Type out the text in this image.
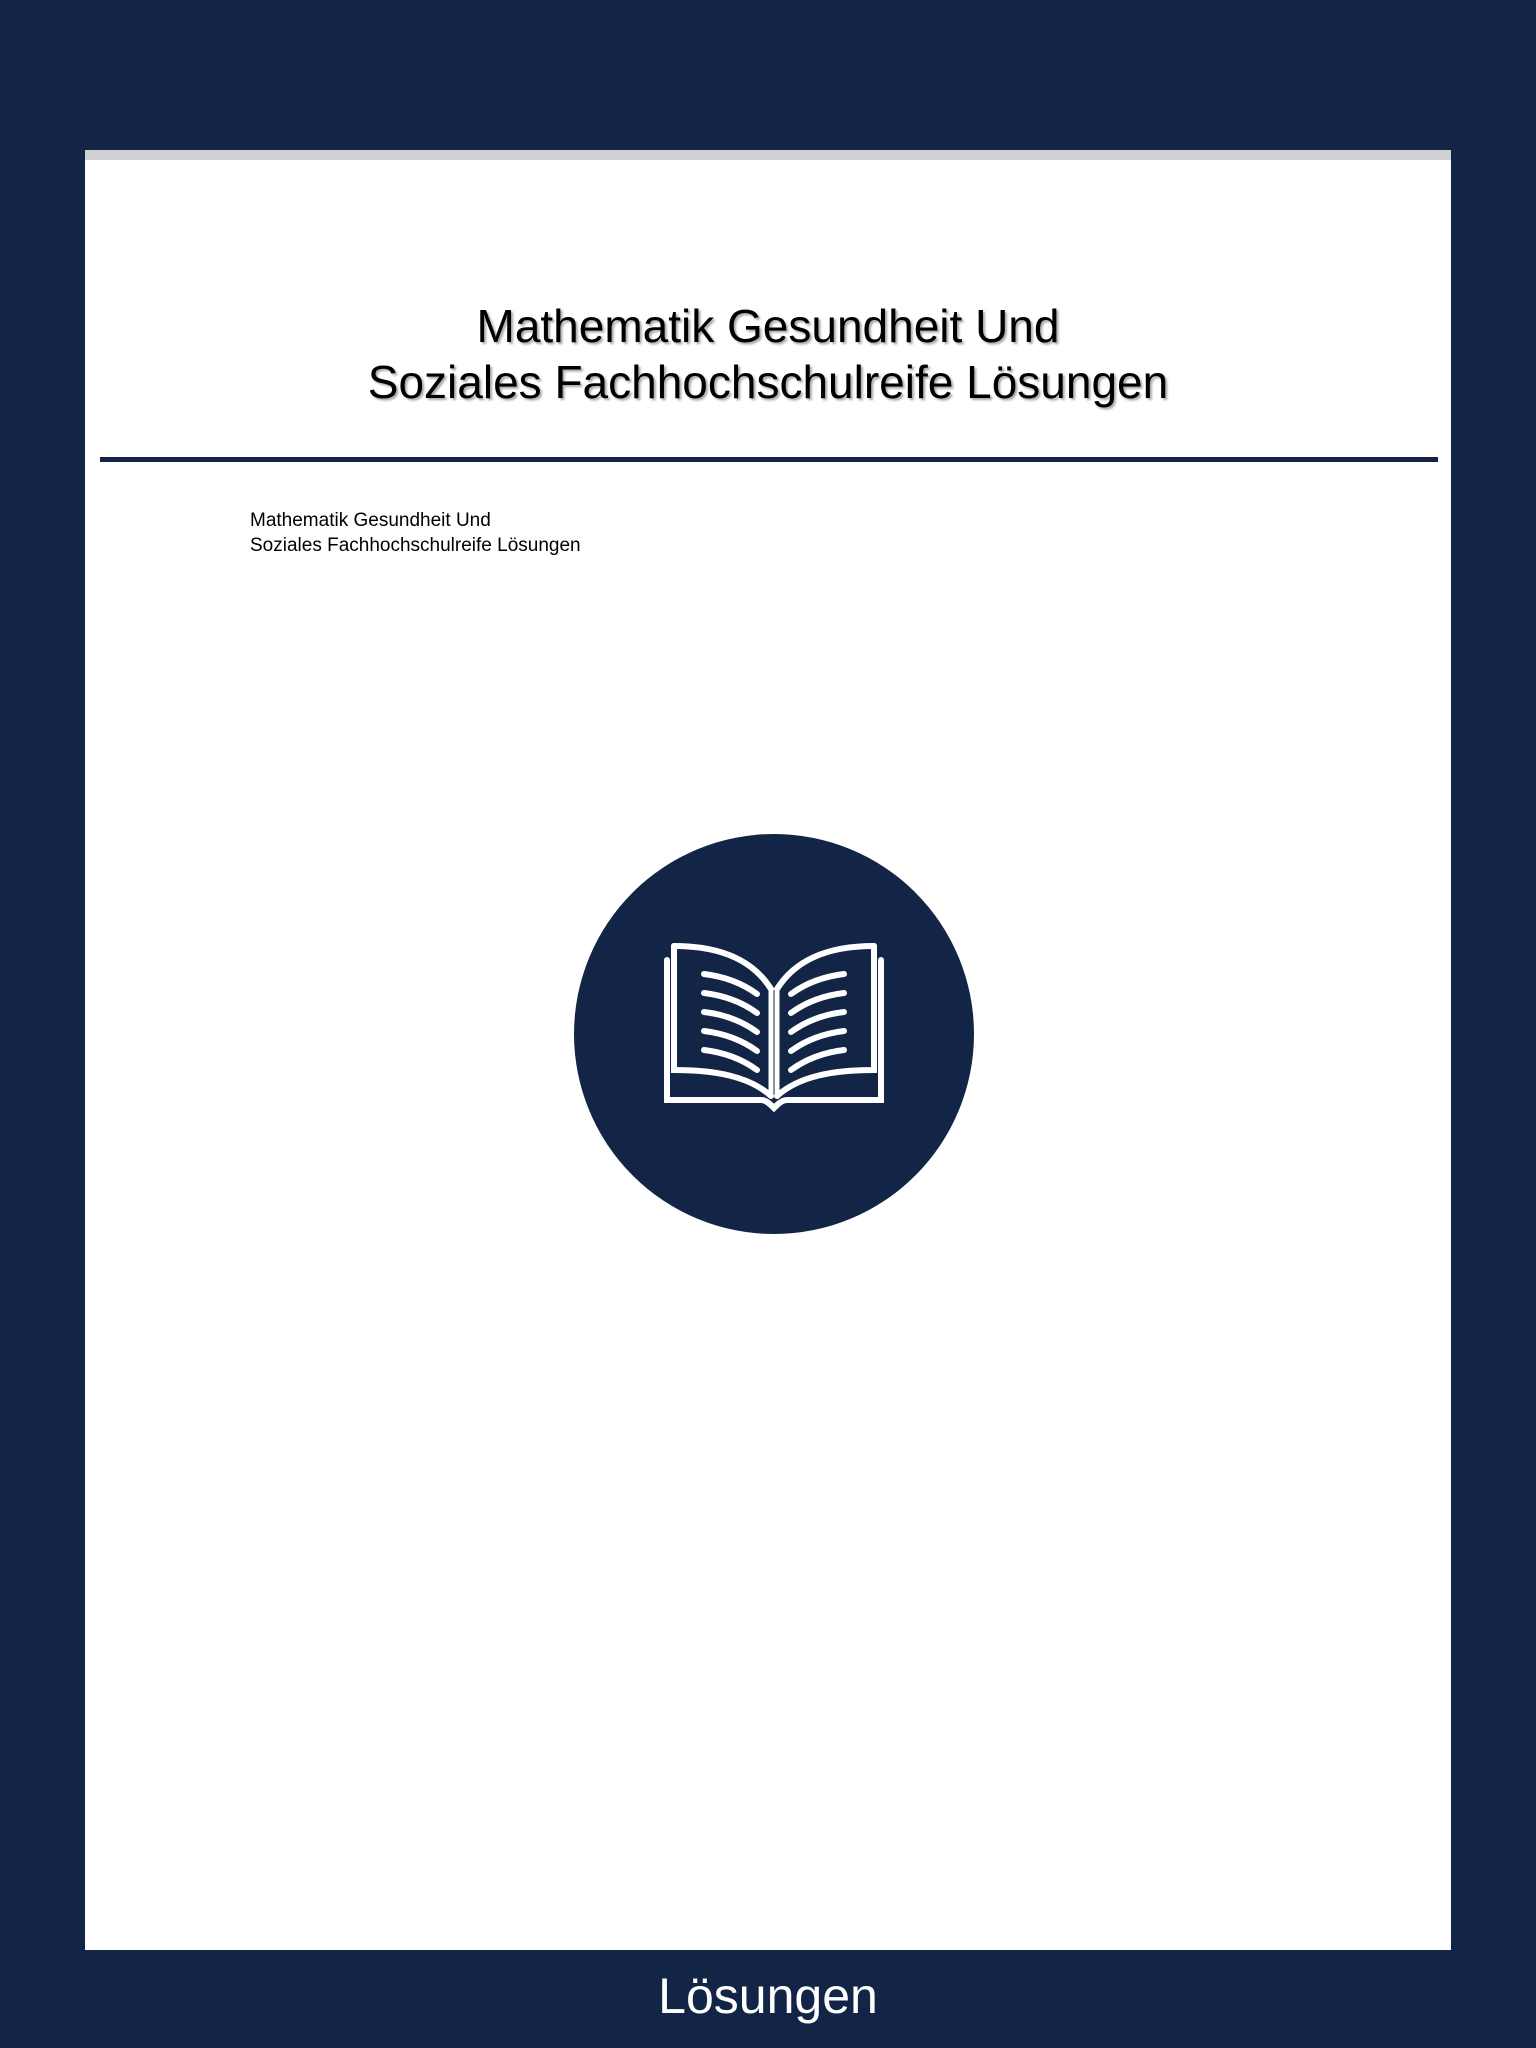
Mathematik Gesundheit Und
Soziales Fachhochschulreife Lösungen

Mathematik Gesundheit Und
Soziales Fachhochschulreife Lösungen

Lösungen
